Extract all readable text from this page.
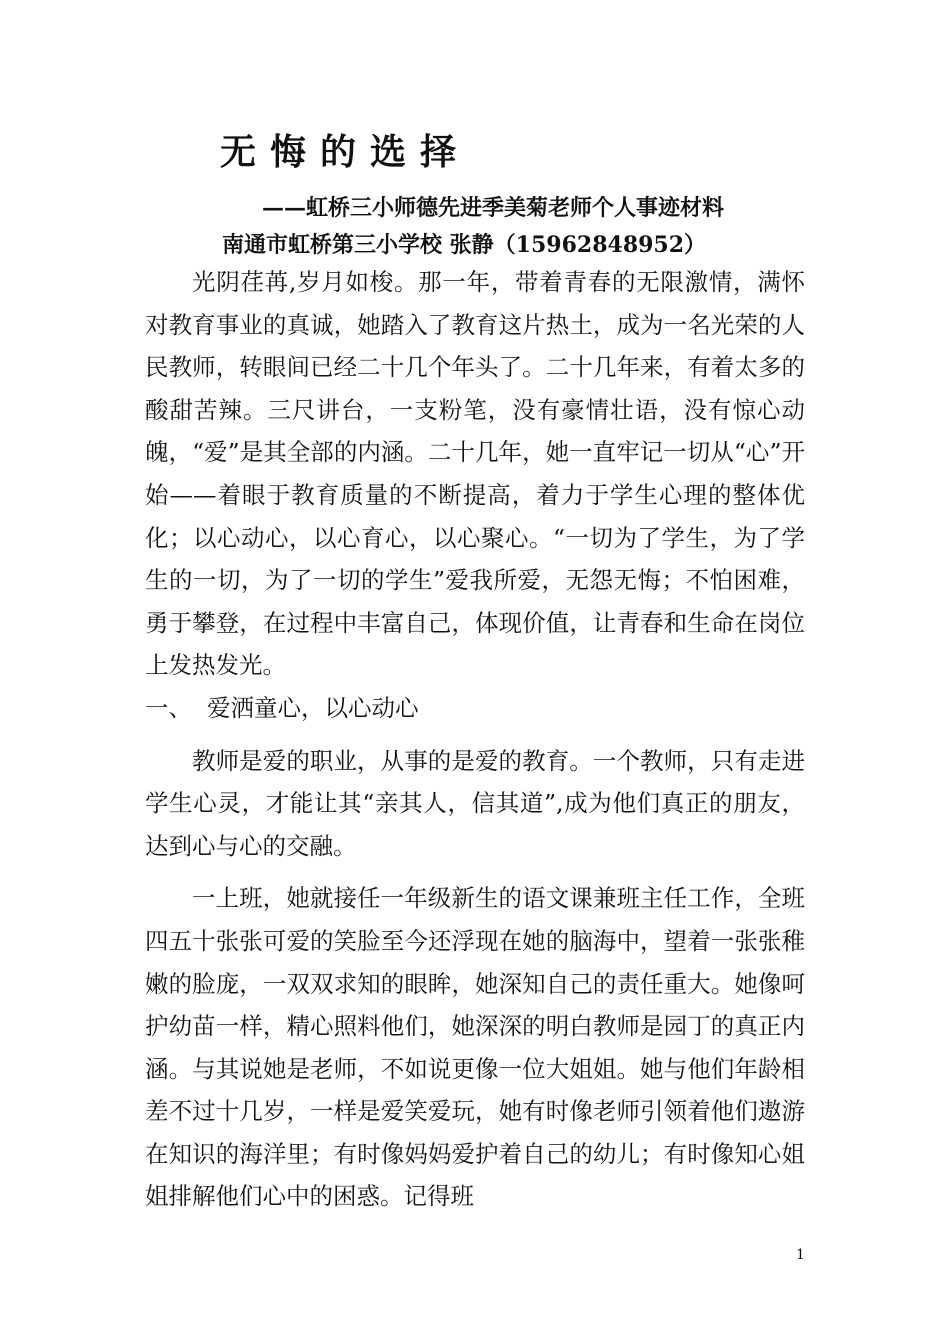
无悔的选择
——虹桥三小师德先进季美菊老师个人事迹材料
南通市虹桥第三小学校 张静（15962848952）

光阴荏苒,岁月如梭。那一年，带着青春的无限激情，满怀对教育事业的真诚，她踏入了教育这片热土，成为一名光荣的人民教师，转眼间已经二十几个年头了。二十几年来，有着太多的酸甜苦辣。三尺讲台，一支粉笔，没有豪情壮语，没有惊心动魄，“爱”是其全部的内涵。二十几年，她一直牢记一切从“心”开始——着眼于教育质量的不断提高，着力于学生心理的整体优化；以心动心，以心育心，以心聚心。“一切为了学生，为了学生的一切，为了一切的学生”爱我所爱，无怨无悔；不怕困难，勇于攀登，在过程中丰富自己，体现价值，让青春和生命在岗位上发热发光。

一、 爱洒童心，以心动心

教师是爱的职业，从事的是爱的教育。一个教师，只有走进学生心灵，才能让其“亲其人，信其道”,成为他们真正的朋友，达到心与心的交融。

一上班，她就接任一年级新生的语文课兼班主任工作，全班四五十张张可爱的笑脸至今还浮现在她的脑海中，望着一张张稚嫩的脸庞，一双双求知的眼眸，她深知自己的责任重大。她像呵护幼苗一样，精心照料他们，她深深的明白教师是园丁的真正内涵。与其说她是老师，不如说更像一位大姐姐。她与他们年龄相差不过十几岁，一样是爱笑爱玩，她有时像老师引领着他们遨游在知识的海洋里；有时像妈妈爱护着自己的幼儿；有时像知心姐姐排解他们心中的困惑。记得班

1
